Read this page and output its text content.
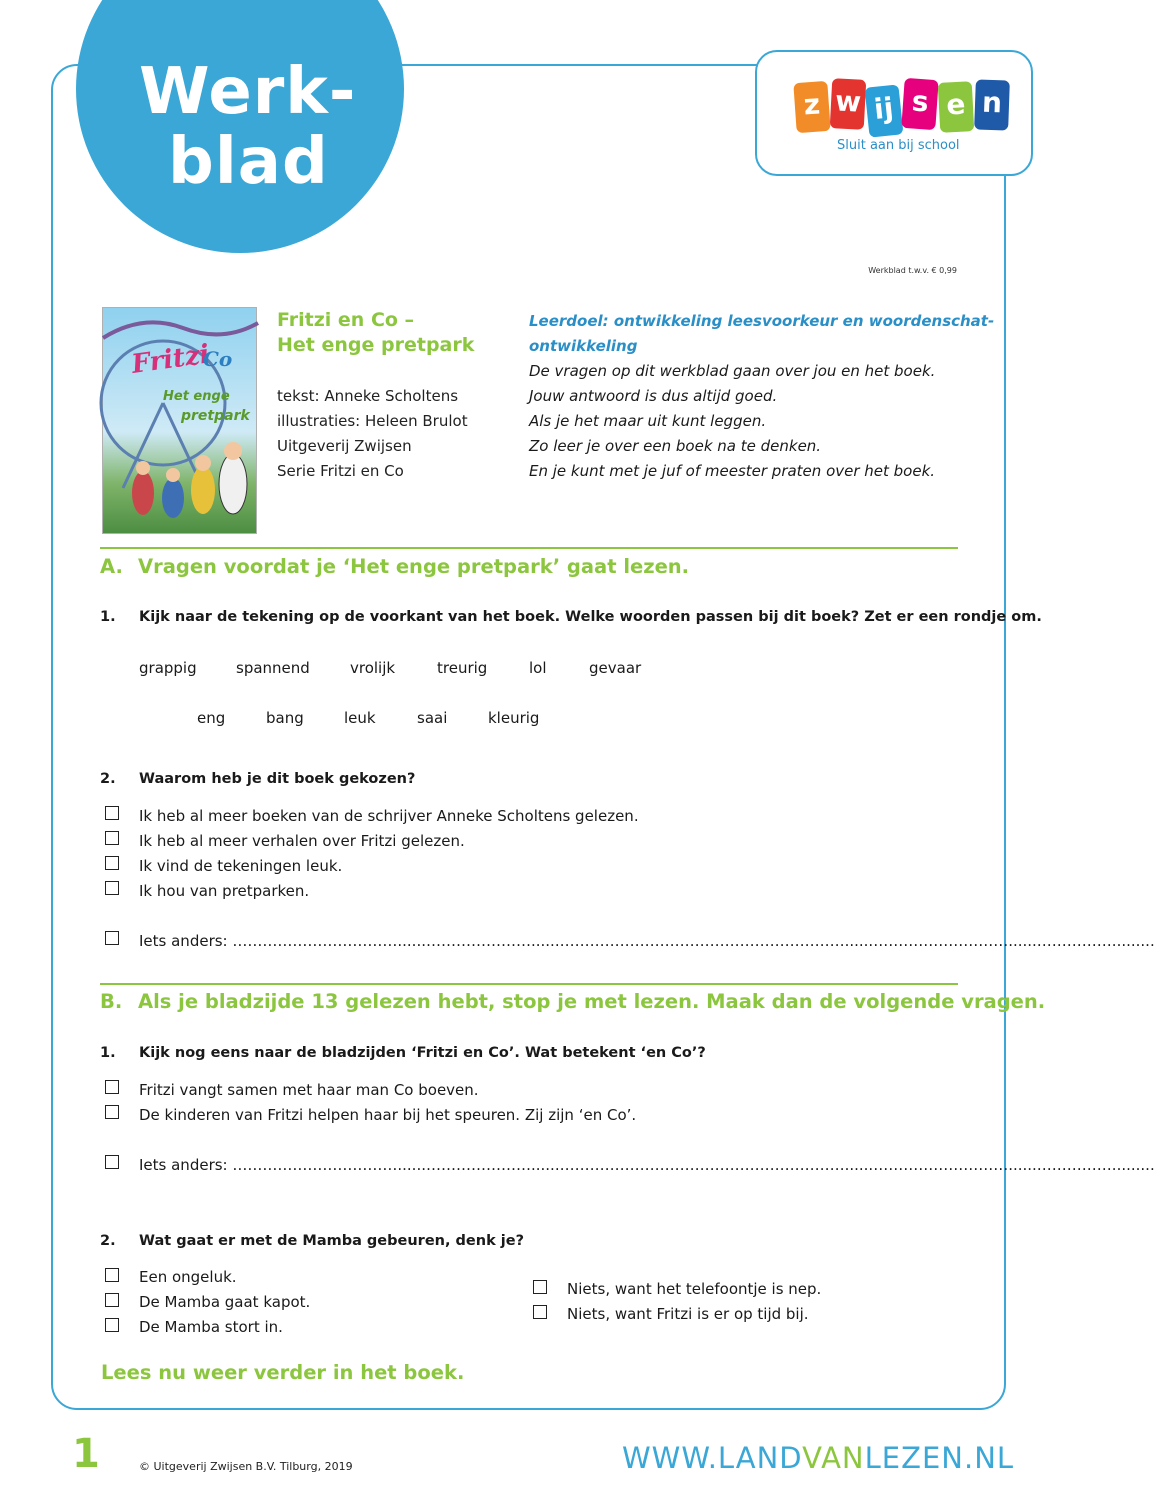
Werk-
blad
z w ij s e n
Sluit aan bij school
Werkblad t.w.v. € 0,99
Fritzi
Co
Het enge
pretpark
Fritzi en Co –
Het enge pretpark
tekst: Anneke Scholtens
illustraties: Heleen Brulot
Uitgeverij Zwijsen
Serie Fritzi en Co
Leerdoel: ontwikkeling leesvoorkeur en woordenschat-
ontwikkeling
De vragen op dit werkblad gaan over jou en het boek.
Jouw antwoord is dus altijd goed.
Als je het maar uit kunt leggen.
Zo leer je over een boek na te denken.
En je kunt met je juf of meester praten over het boek.
A. Vragen voordat je ‘Het enge pretpark’ gaat lezen.
1. Kijk naar de tekening op de voorkant van het boek. Welke woorden passen bij dit boek? Zet er een rondje om.
grappig	spannend	vrolijk	treurig	lol	gevaar
eng	bang	leuk	saai	kleurig
2. Waarom heb je dit boek gekozen?
Ik heb al meer boeken van de schrijver Anneke Scholtens gelezen.
Ik heb al meer verhalen over Fritzi gelezen.
Ik vind de tekeningen leuk.
Ik hou van pretparken.
Iets anders: ……………………………......…………………......…………………………………………………......………………………......…………….........
B. Als je bladzijde 13 gelezen hebt, stop je met lezen. Maak dan de volgende vragen.
1. Kijk nog eens naar de bladzijden ‘Fritzi en Co’. Wat betekent ‘en Co’?
Fritzi vangt samen met haar man Co boeven.
De kinderen van Fritzi helpen haar bij het speuren. Zij zijn ‘en Co’.
Iets anders: ……………………………......…………………......…………………………………………………......………………………......…………….........
2. Wat gaat er met de Mamba gebeuren, denk je?
Een ongeluk.
De Mamba gaat kapot.
De Mamba stort in.
Niets, want het telefoontje is nep.
Niets, want Fritzi is er op tijd bij.
Lees nu weer verder in het boek.
1	© Uitgeverij Zwijsen B.V. Tilburg, 2019	WWW.LANDVANLEZEN.NL
